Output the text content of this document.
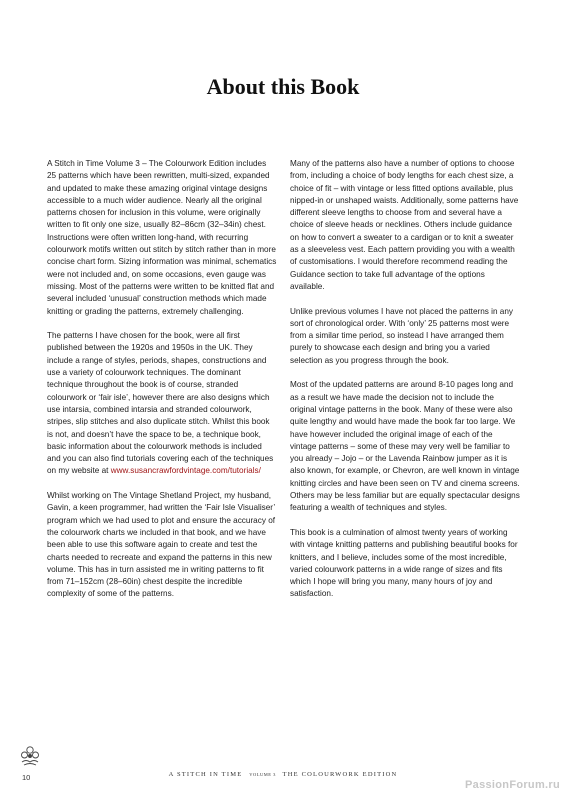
About this Book

A Stitch in Time Volume 3 – The Colourwork Edition includes 25 patterns which have been rewritten, multi-sized, expanded and updated to make these amazing original vintage designs accessible to a much wider audience. Nearly all the original patterns chosen for inclusion in this volume, were originally written to fit only one size, usually 82–86cm (32–34in) chest. Instructions were often written long-hand, with recurring colourwork motifs written out stitch by stitch rather than in more concise chart form. Sizing information was minimal, schematics were not included and, on some occasions, even gauge was missing. Most of the patterns were written to be knitted flat and several included ‘unusual’ construction methods which made knitting or grading the patterns, extremely challenging.

The patterns I have chosen for the book, were all first published between the 1920s and 1950s in the UK. They include a range of styles, periods, shapes, constructions and use a variety of colourwork techniques. The dominant technique throughout the book is of course, stranded colourwork or ‘fair isle’, however there are also designs which use intarsia, combined intarsia and stranded colourwork, stripes, slip stitches and also duplicate stitch. Whilst this book is not, and doesn’t have the space to be, a technique book, basic information about the colourwork methods is included and you can also find tutorials covering each of the techniques on my website at www.susancrawfordvintage.com/tutorials/

Whilst working on The Vintage Shetland Project, my husband, Gavin, a keen programmer, had written the ‘Fair Isle Visualiser’ program which we had used to plot and ensure the accuracy of the colourwork charts we included in that book, and we have been able to use this software again to create and test the charts needed to recreate and expand the patterns in this new volume. This has in turn assisted me in writing patterns to fit from 71–152cm (28–60in) chest despite the incredible complexity of some of the patterns.

Many of the patterns also have a number of options to choose from, including a choice of body lengths for each chest size, a choice of fit – with vintage or less fitted options available, plus nipped-in or unshaped waists. Additionally, some patterns have different sleeve lengths to choose from and several have a choice of sleeve heads or necklines. Others include guidance on how to convert a sweater to a cardigan or to knit a sweater as a sleeveless vest. Each pattern providing you with a wealth of customisations. I would therefore recommend reading the Guidance section to take full advantage of the options available.

Unlike previous volumes I have not placed the patterns in any sort of chronological order. With ‘only’ 25 patterns most were from a similar time period, so instead I have arranged them purely to showcase each design and bring you a varied selection as you progress through the book.

Most of the updated patterns are around 8-10 pages long and as a result we have made the decision not to include the original vintage patterns in the book. Many of these were also quite lengthy and would have made the book far too large. We have however included the original image of each of the vintage patterns – some of these may very well be familiar to you already – Jojo – or the Lavenda Rainbow jumper as it is also known, for example, or Chevron, are well known in vintage knitting circles and have been seen on TV and cinema screens. Others may be less familiar but are equally spectacular designs featuring a wealth of techniques and styles.

This book is a culmination of almost twenty years of working with vintage knitting patterns and publishing beautiful books for knitters, and I believe, includes some of the most incredible, varied colourwork patterns in a wide range of sizes and fits which I hope will bring you many, many hours of joy and satisfaction.

10	A STITCH IN TIME VOLUME 3 THE COLOURWORK EDITION
PassionForum.ru
